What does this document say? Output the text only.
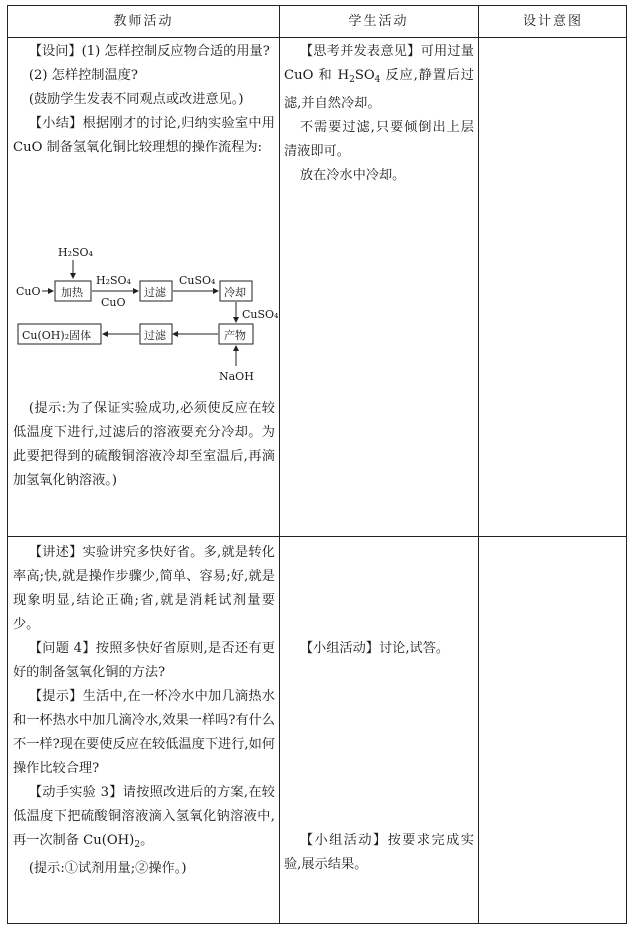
教师活动	学生活动	设计意图

【设问】(1) 怎样控制反应物合适的用量?

(2) 怎样控制温度?

(鼓励学生发表不同观点或改进意见。)

【小结】根据刚才的讨论,归纳实验室中用 CuO 制备氢氧化铜比较理想的操作流程为:

H₂SO₄
CuO 加热
H₂SO₄
CuO
过滤
CuSO₄
冷却
CuSO₄
产物
NaOH
过滤
Cu(OH)₂固体

(提示:为了保证实验成功,必须使反应在较低温度下进行,过滤后的溶液要充分冷却。为此要把得到的硫酸铜溶液冷却至室温后,再滴加氢氧化钠溶液。)

【思考并发表意见】可用过量 CuO 和 $H_2SO_4$ 反应,静置后过滤,并自然冷却。

不需要过滤,只要倾倒出上层清液即可。

放在冷水中冷却。

【讲述】实验讲究多快好省。多,就是转化率高;快,就是操作步骤少,简单、容易;好,就是现象明显,结论正确;省,就是消耗试剂量要少。

【问题 4】按照多快好省原则,是否还有更好的制备氢氧化铜的方法?

【提示】生活中,在一杯冷水中加几滴热水和一杯热水中加几滴冷水,效果一样吗?有什么不一样?现在要使反应在较低温度下进行,如何操作比较合理?

【动手实验 3】请按照改进后的方案,在较低温度下把硫酸铜溶液滴入氢氧化钠溶液中,再一次制备 $Cu(OH)_2$。

(提示:①试剂用量;②操作。)

【小组活动】讨论,试答。

【小组活动】按要求完成实验,展示结果。
